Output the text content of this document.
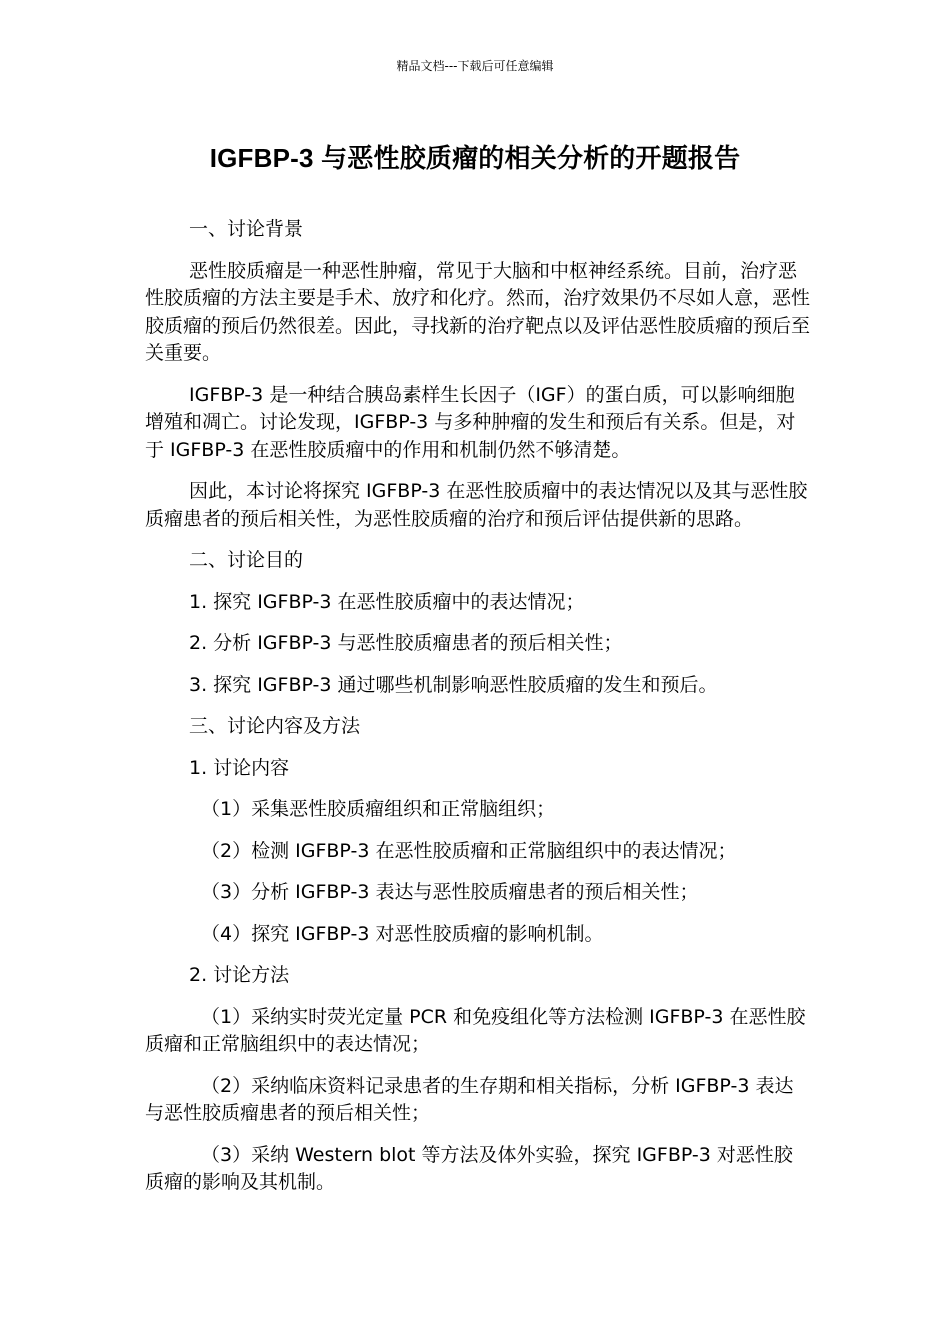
精品文档---下载后可任意编辑
IGFBP-3 与恶性胶质瘤的相关分析的开题报告

一、讨论背景

恶性胶质瘤是一种恶性肿瘤，常见于大脑和中枢神经系统。目前，治疗恶性胶质瘤的方法主要是手术、放疗和化疗。然而，治疗效果仍不尽如人意，恶性胶质瘤的预后仍然很差。因此，寻找新的治疗靶点以及评估恶性胶质瘤的预后至关重要。

IGFBP-3 是一种结合胰岛素样生长因子（IGF）的蛋白质，可以影响细胞增殖和凋亡。讨论发现，IGFBP-3 与多种肿瘤的发生和预后有关系。但是，对于 IGFBP-3 在恶性胶质瘤中的作用和机制仍然不够清楚。

因此，本讨论将探究 IGFBP-3 在恶性胶质瘤中的表达情况以及其与恶性胶质瘤患者的预后相关性，为恶性胶质瘤的治疗和预后评估提供新的思路。

二、讨论目的

1. 探究 IGFBP-3 在恶性胶质瘤中的表达情况；

2. 分析 IGFBP-3 与恶性胶质瘤患者的预后相关性；

3. 探究 IGFBP-3 通过哪些机制影响恶性胶质瘤的发生和预后。

三、讨论内容及方法

1. 讨论内容

（1）采集恶性胶质瘤组织和正常脑组织；

（2）检测 IGFBP-3 在恶性胶质瘤和正常脑组织中的表达情况；

（3）分析 IGFBP-3 表达与恶性胶质瘤患者的预后相关性；

（4）探究 IGFBP-3 对恶性胶质瘤的影响机制。

2. 讨论方法

（1）采纳实时荧光定量 PCR 和免疫组化等方法检测 IGFBP-3 在恶性胶质瘤和正常脑组织中的表达情况；

（2）采纳临床资料记录患者的生存期和相关指标，分析 IGFBP-3 表达与恶性胶质瘤患者的预后相关性；

（3）采纳 Western blot 等方法及体外实验，探究 IGFBP-3 对恶性胶质瘤的影响及其机制。
